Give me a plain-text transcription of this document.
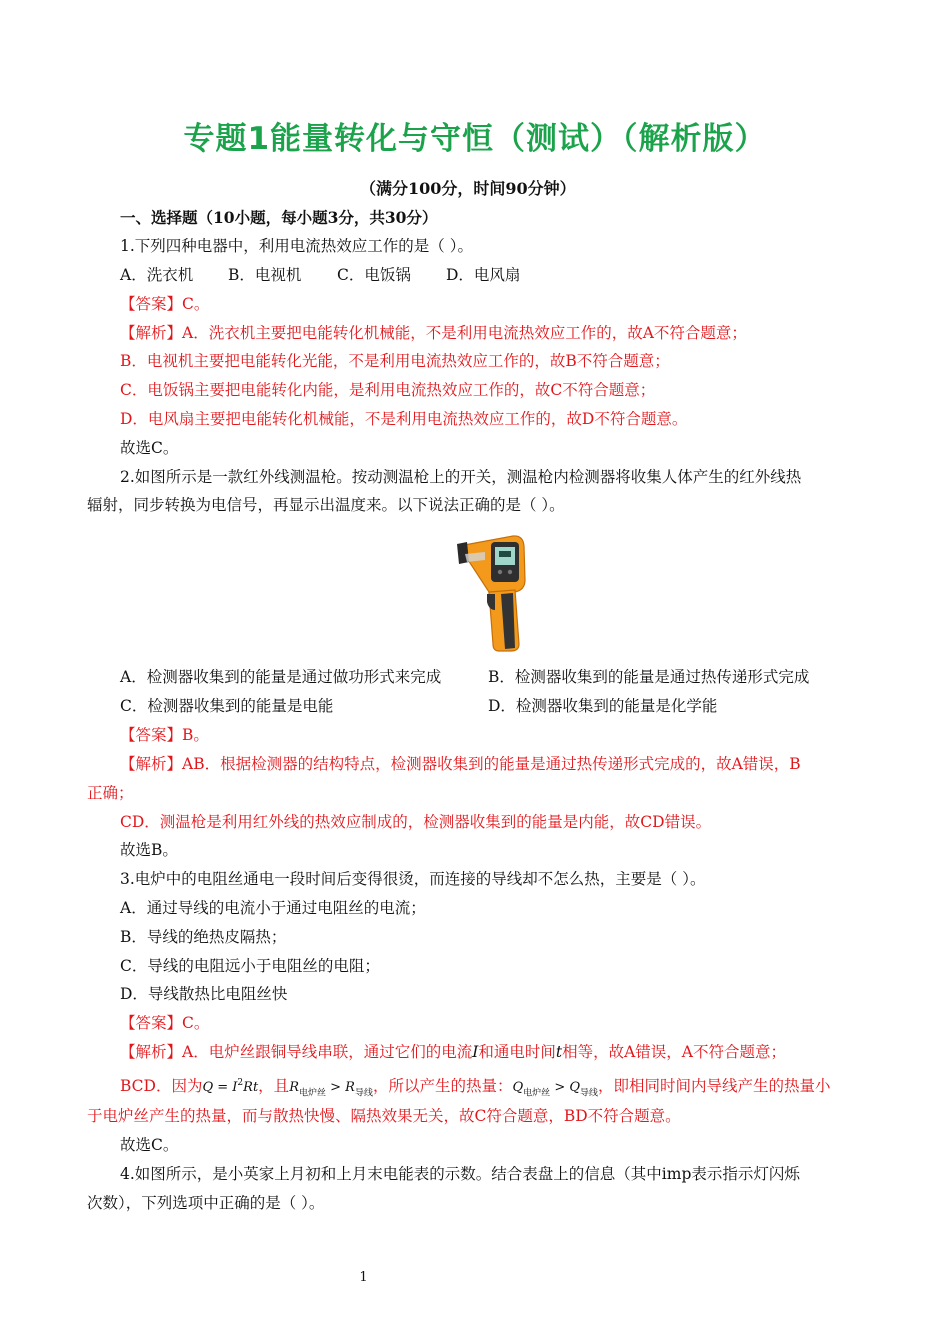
专题1能量转化与守恒（测试）（解析版）
（满分100分，时间90分钟）
一、选择题（10小题，每小题3分，共30分）
1.下列四种电器中，利用电流热效应工作的是（ ）。
A．洗衣机 B．电视机 C．电饭锅 D．电风扇
【答案】C。
【解析】A．洗衣机主要把电能转化机械能，不是利用电流热效应工作的，故A不符合题意；
B．电视机主要把电能转化光能，不是利用电流热效应工作的，故B不符合题意；
C．电饭锅主要把电能转化内能，是利用电流热效应工作的，故C不符合题意；
D．电风扇主要把电能转化机械能，不是利用电流热效应工作的，故D不符合题意。
故选C。
2.如图所示是一款红外线测温枪。按动测温枪上的开关，测温枪内检测器将收集人体产生的红外线热
辐射，同步转换为电信号，再显示出温度来。以下说法正确的是（ ）。
A．检测器收集到的能量是通过做功形式来完成	B．检测器收集到的能量是通过热传递形式完成
C．检测器收集到的能量是电能	D．检测器收集到的能量是化学能
【答案】B。
【解析】AB．根据检测器的结构特点，检测器收集到的能量是通过热传递形式完成的，故A错误，B
正确；
CD．测温枪是利用红外线的热效应制成的，检测器收集到的能量是内能，故CD错误。
故选B。
3.电炉中的电阻丝通电一段时间后变得很烫，而连接的导线却不怎么热，主要是（ ）。
A．通过导线的电流小于通过电阻丝的电流；
B．导线的绝热皮隔热；
C．导线的电阻远小于电阻丝的电阻；
D．导线散热比电阻丝快
【答案】C。
【解析】A．电炉丝跟铜导线串联，通过它们的电流I和通电时间t相等，故A错误，A不符合题意；
BCD．因为$Q = I^2Rt$，且$R_{电炉丝} > R_{导线}$，所以产生的热量：$Q_{电炉丝} > Q_{导线}$，即相同时间内导线产生的热量小
于电炉丝产生的热量，而与散热快慢、隔热效果无关，故C符合题意，BD不符合题意。
故选C。
4.如图所示，是小英家上月初和上月末电能表的示数。结合表盘上的信息（其中imp表示指示灯闪烁
次数），下列选项中正确的是（ ）。
1
